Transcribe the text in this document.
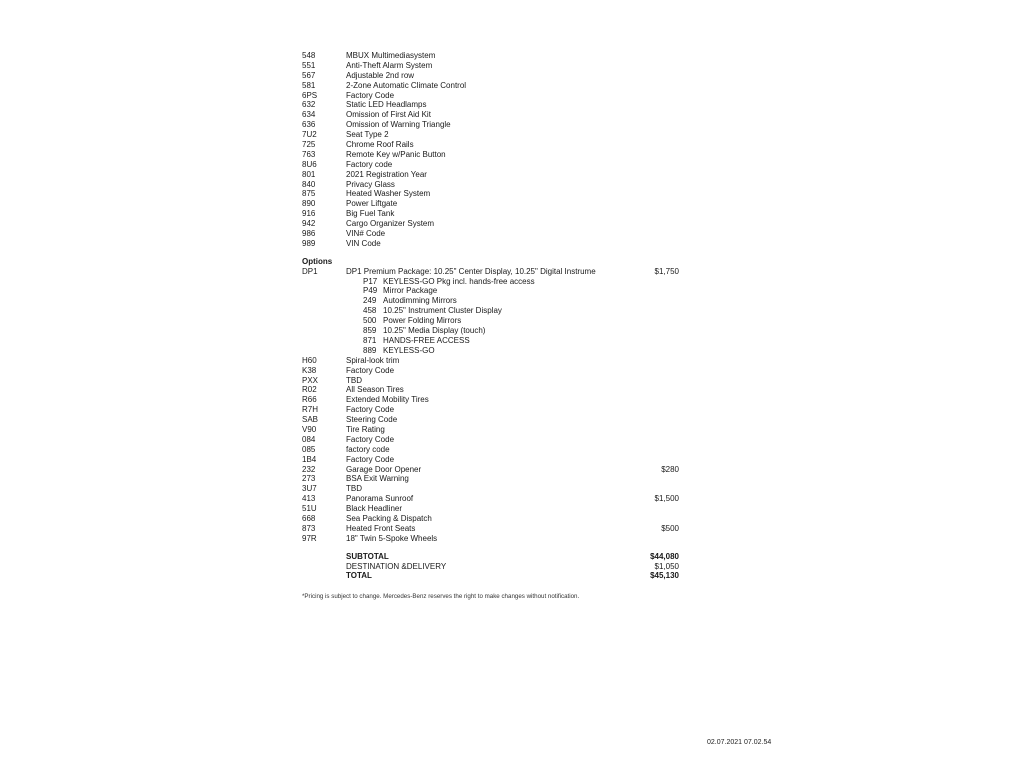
548	MBUX Multimediasystem
551	Anti-Theft Alarm System
567	Adjustable 2nd row
581	2-Zone Automatic Climate Control
6PS	Factory Code
632	Static LED Headlamps
634	Omission of First Aid Kit
636	Omission of Warning Triangle
7U2	Seat Type 2
725	Chrome Roof Rails
763	Remote Key w/Panic Button
8U6	Factory code
801	2021 Registration Year
840	Privacy Glass
875	Heated Washer System
890	Power Liftgate
916	Big Fuel Tank
942	Cargo Organizer System
986	VIN# Code
989	VIN Code
Options
DP1	DP1 Premium Package: 10.25" Center Display, 10.25" Digital Instrume	$1,750
P17 KEYLESS-GO Pkg incl. hands-free access
P49 Mirror Package
249 Autodimming Mirrors
458 10.25" Instrument Cluster Display
500 Power Folding Mirrors
859 10.25" Media Display (touch)
871 HANDS-FREE ACCESS
889 KEYLESS-GO
H60	Spiral-look trim
K38	Factory Code
PXX	TBD
R02	All Season Tires
R66	Extended Mobility Tires
R7H	Factory Code
SAB	Steering Code
V90	Tire Rating
084	Factory Code
085	factory code
1B4	Factory Code
232	Garage Door Opener	$280
273	BSA Exit Warning
3U7	TBD
413	Panorama Sunroof	$1,500
51U	Black Headliner
668	Sea Packing & Dispatch
873	Heated Front Seats	$500
97R	18" Twin 5-Spoke Wheels
SUBTOTAL	$44,080
DESTINATION &DELIVERY	$1,050
TOTAL	$45,130
*Pricing is subject to change. Mercedes-Benz reserves the right to make changes without notification.
02.07.2021 07.02.54
